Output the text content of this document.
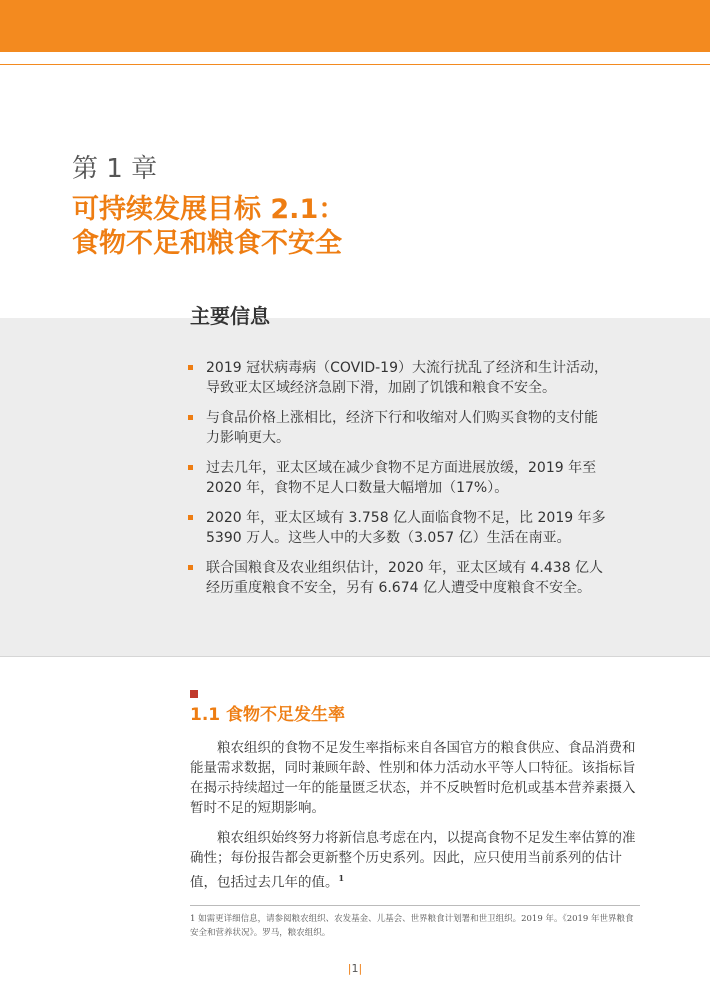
第 1 章
可持续发展目标 2.1：
食物不足和粮食不安全
主要信息
2019 冠状病毒病（COVID-19）大流行扰乱了经济和生计活动，导致亚太区域经济急剧下滑，加剧了饥饿和粮食不安全。
与食品价格上涨相比，经济下行和收缩对人们购买食物的支付能力影响更大。
过去几年，亚太区域在减少食物不足方面进展放缓，2019 年至 2020 年，食物不足人口数量大幅增加（17%）。
2020 年，亚太区域有 3.758 亿人面临食物不足，比 2019 年多 5390 万人。这些人中的大多数（3.057 亿）生活在南亚。
联合国粮食及农业组织估计，2020 年，亚太区域有 4.438 亿人经历重度粮食不安全，另有 6.674 亿人遭受中度粮食不安全。
1.1 食物不足发生率
粮农组织的食物不足发生率指标来自各国官方的粮食供应、食品消费和能量需求数据，同时兼顾年龄、性别和体力活动水平等人口特征。该指标旨在揭示持续超过一年的能量匮乏状态，并不反映暂时危机或基本营养素摄入暂时不足的短期影响。
粮农组织始终努力将新信息考虑在内，以提高食物不足发生率估算的准确性；每份报告都会更新整个历史系列。因此，应只使用当前系列的估计值，包括过去几年的值。$^1$
1 如需更详细信息，请参阅粮农组织、农发基金、儿基会、世界粮食计划署和世卫组织。2019 年。《2019 年世界粮食安全和营养状况》。罗马，粮农组织。
|1|
